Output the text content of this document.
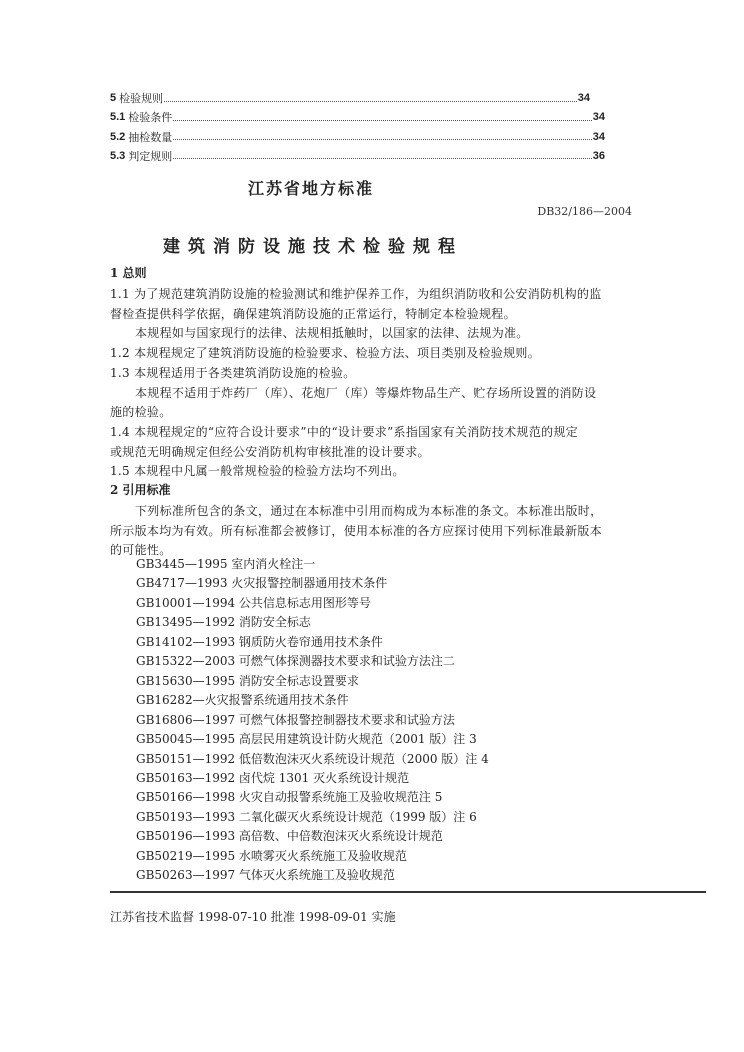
5 检验规则	34
5.1 检验条件	34
5.2 抽检数量	34
5.3 判定规则	36
江苏省地方标准
DB32/186—2004
建筑消防设施技术检验规程
1 总则
1.1 为了规范建筑消防设施的检验测试和维护保养工作，为组织消防收和公安消防机构的监
督检查提供科学依据，确保建筑消防设施的正常运行，特制定本检验规程。
本规程如与国家现行的法律、法规相抵触时，以国家的法律、法规为准。
1.2 本规程规定了建筑消防设施的检验要求、检验方法、项目类别及检验规则。
1.3 本规程适用于各类建筑消防设施的检验。
本规程不适用于炸药厂（库）、花炮厂（库）等爆炸物品生产、贮存场所设置的消防设
施的检验。
1.4 本规程规定的“应符合设计要求”中的“设计要求”系指国家有关消防技术规范的规定
或规范无明确规定但经公安消防机构审核批准的设计要求。
1.5 本规程中凡属一般常规检验的检验方法均不列出。
2 引用标准
下列标准所包含的条文，通过在本标准中引用而构成为本标准的条文。本标准出版时，
所示版本均为有效。所有标准都会被修订，使用本标准的各方应探讨使用下列标准最新版本
的可能性。
GB3445—1995 室内消火栓注一
GB4717—1993 火灾报警控制器通用技术条件
GB10001—1994 公共信息标志用图形等号
GB13495—1992 消防安全标志
GB14102—1993 钢质防火卷帘通用技术条件
GB15322—2003 可燃气体探测器技术要求和试验方法注二
GB15630—1995 消防安全标志设置要求
GB16282—火灾报警系统通用技术条件
GB16806—1997 可燃气体报警控制器技术要求和试验方法
GB50045—1995 高层民用建筑设计防火规范（2001 版）注 3
GB50151—1992 低倍数泡沫灭火系统设计规范（2000 版）注 4
GB50163—1992 卤代烷 1301 灭火系统设计规范
GB50166—1998 火灾自动报警系统施工及验收规范注 5
GB50193—1993 二氧化碳灭火系统设计规范（1999 版）注 6
GB50196—1993 高倍数、中倍数泡沫灭火系统设计规范
GB50219—1995 水喷雾灭火系统施工及验收规范
GB50263—1997 气体灭火系统施工及验收规范
江苏省技术监督 1998-07-10 批准 1998-09-01 实施
